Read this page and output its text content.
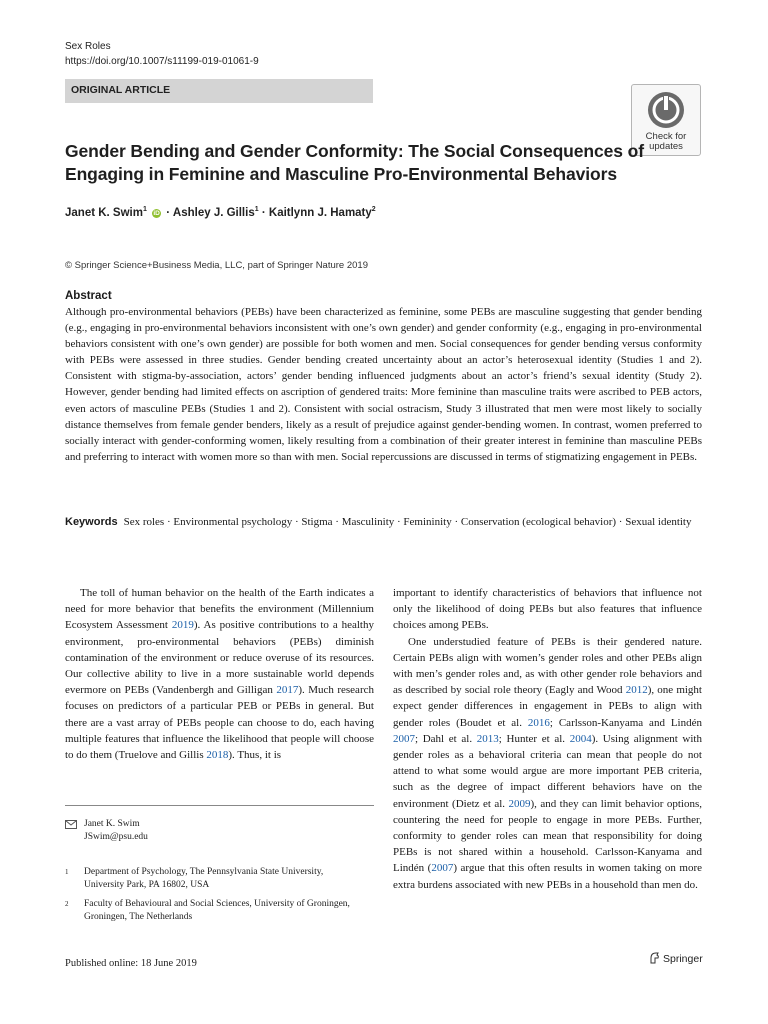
Sex Roles
https://doi.org/10.1007/s11199-019-01061-9
ORIGINAL ARTICLE
Check for updates
Gender Bending and Gender Conformity: The Social Consequences of Engaging in Feminine and Masculine Pro-Environmental Behaviors
Janet K. Swim$^1$ iD · Ashley J. Gillis$^1$ · Kaitlynn J. Hamaty$^2$
© Springer Science+Business Media, LLC, part of Springer Nature 2019
Abstract
Although pro-environmental behaviors (PEBs) have been characterized as feminine, some PEBs are masculine suggesting that gender bending (e.g., engaging in pro-environmental behaviors inconsistent with one’s own gender) and gender conformity (e.g., engaging in pro-environmental behaviors consistent with one’s own gender) are possible for both women and men. Social consequences for gender bending versus conformity with PEBs were assessed in three studies. Gender bending created uncertainty about an actor’s heterosexual identity (Studies 1 and 2). Consistent with stigma-by-association, actors’ gender bending influenced judgments about an actor’s friend’s sexual identity (Study 2). However, gender bending had limited effects on ascription of gendered traits: More feminine than masculine traits were ascribed to PEB actors, even actors of masculine PEBs (Studies 1 and 2). Consistent with social ostracism, Study 3 illustrated that men were most likely to socially distance themselves from female gender benders, likely as a result of prejudice against gender-bending women. In contrast, women preferred to socially interact with gender-conforming women, likely resulting from a combination of their greater interest in feminine than masculine PEBs and preferring to interact with women more so than with men. Social repercussions are discussed in terms of stigmatizing engagement in PEBs.
Keywords Sex roles · Environmental psychology · Stigma · Masculinity · Femininity · Conservation (ecological behavior) · Sexual identity

The toll of human behavior on the health of the Earth indicates a need for more behavior that benefits the environment (Millennium Ecosystem Assessment 2019). As positive contributions to a healthy environment, pro-environmental behaviors (PEBs) diminish contamination of the environment or reduce overuse of its resources. Our collective ability to live in a more sustainable world depends evermore on PEBs (Vandenbergh and Gilligan 2017). Much research focuses on predictors of a particular PEB or PEBs in general. But there are a vast array of PEBs people can choose to do, each having multiple features that influence the likelihood that people will choose to do them (Truelove and Gillis 2018). Thus, it is

important to identify characteristics of behaviors that influence not only the likelihood of doing PEBs but also features that influence choices among PEBs.

One understudied feature of PEBs is their gendered nature. Certain PEBs align with women’s gender roles and other PEBs align with men’s gender roles and, as with other gender role behaviors and as described by social role theory (Eagly and Wood 2012), one might expect gender differences in engagement in PEBs to align with gender roles (Boudet et al. 2016; Carlsson-Kanyama and Lindén 2007; Dahl et al. 2013; Hunter et al. 2004). Using alignment with gender roles as a behavioral criteria can mean that people do not attend to what some would argue are more important PEB criteria, such as the degree of impact different behaviors have on the environment (Dietz et al. 2009), and they can limit behavior options, countering the need for people to engage in more PEBs. Further, conformity to gender roles can mean that responsibility for doing PEBs is not shared within a household. Carlsson-Kanyama and Lindén (2007) argue that this often results in women taking on more extra burdens associated with new PEBs in a household than men do.

Janet K. Swim
JSwim@psu.edu
1 Department of Psychology, The Pennsylvania State University, University Park, PA 16802, USA
2 Faculty of Behavioural and Social Sciences, University of Groningen, Groningen, The Netherlands
Published online: 18 June 2019	Springer
